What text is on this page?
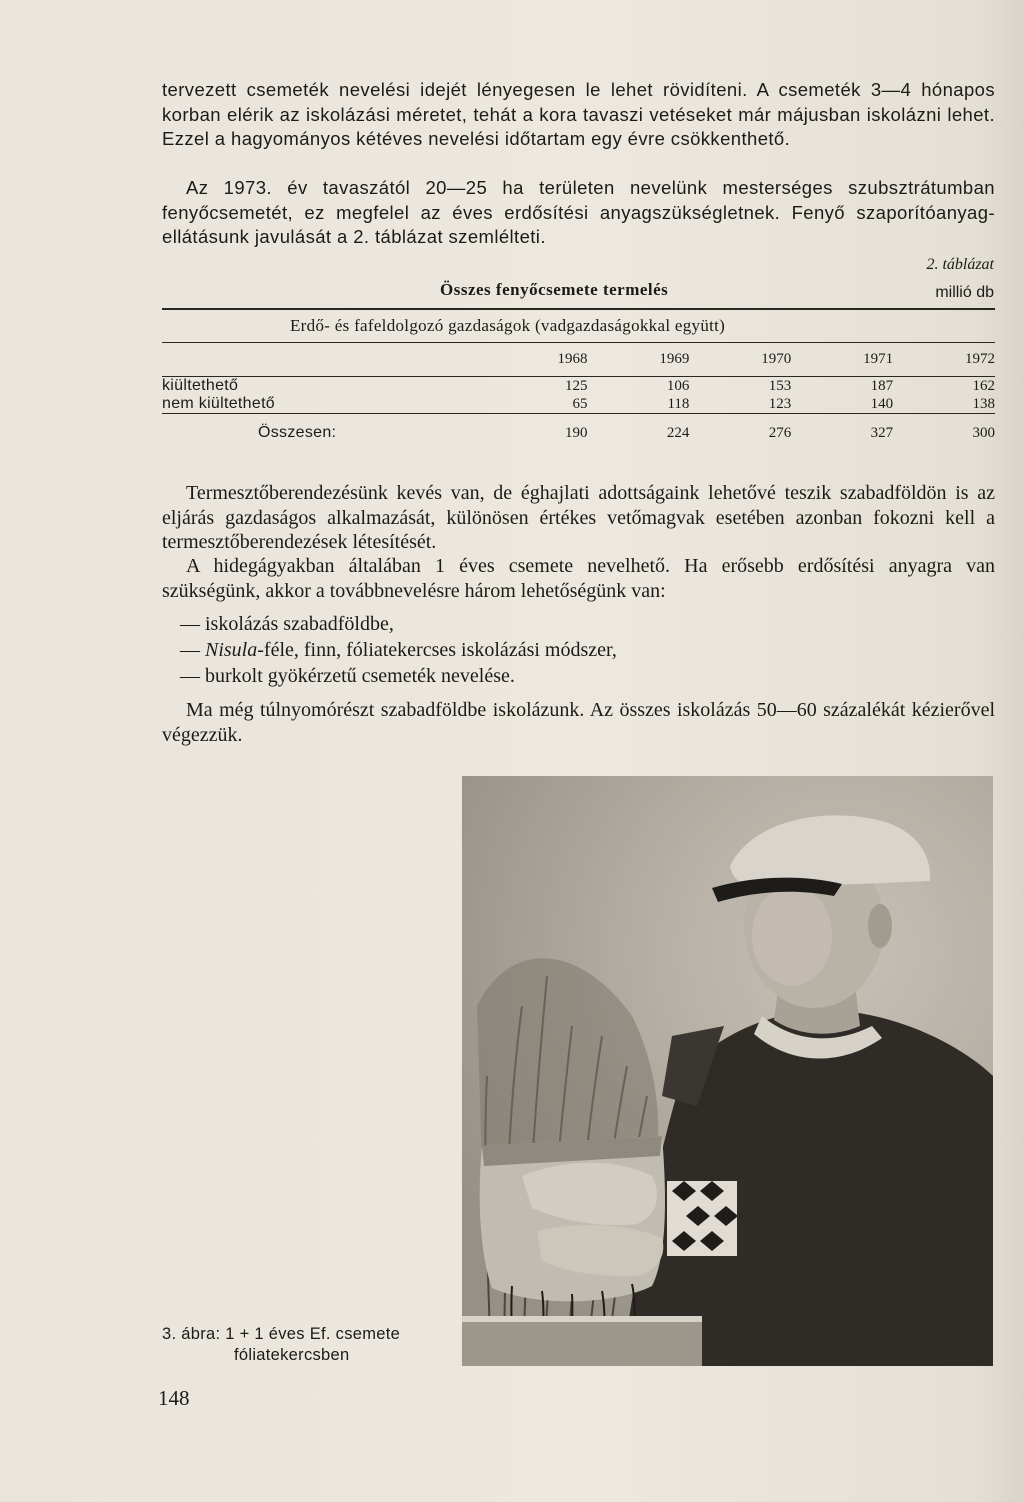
tervezett csemeték nevelési idejét lényegesen le lehet rövidíteni. A csemeték 3—4 hónapos korban elérik az iskolázási méretet, tehát a kora tavaszi vetéseket már májusban iskolázni lehet. Ezzel a hagyományos kétéves nevelési időtartam egy évre csökkenthető.

Az 1973. év tavaszától 20—25 ha területen nevelünk mesterséges szubsztrátumban fenyőcsemetét, ez megfelel az éves erdősítési anyagszükségletnek. Fenyő szaporítóanyag-ellátásunk javulását a 2. táblázat szemlélteti.

2. táblázat
Összes fenyőcsemete termelés	millió db
Erdő- és fafeldolgozó gazdaságok (vadgazdaságokkal együtt)
	1968	1969	1970	1971	1972
kiültethető	125	106	153	187	162
nem kiültethető	65	118	123	140	138
Összesen:	190	224	276	327	300

Termesztőberendezésünk kevés van, de éghajlati adottságaink lehetővé teszik szabadföldön is az eljárás gazdaságos alkalmazását, különösen értékes vetőmagvak esetében azonban fokozni kell a termesztőberendezések létesítését.

A hidegágyakban általában 1 éves csemete nevelhető. Ha erősebb erdősítési anyagra van szükségünk, akkor a továbbnevelésre három lehetőségünk van:

— iskolázás szabadföldbe,
— Nisula-féle, finn, fóliatekercses iskolázási módszer,
— burkolt gyökérzetű csemeték nevelése.

Ma még túlnyomórészt szabadföldbe iskolázunk. Az összes iskolázás 50—60 százalékát kézierővel végezzük.

3. ábra: 1 + 1 éves Ef. csemete
fóliatekercsben
148
